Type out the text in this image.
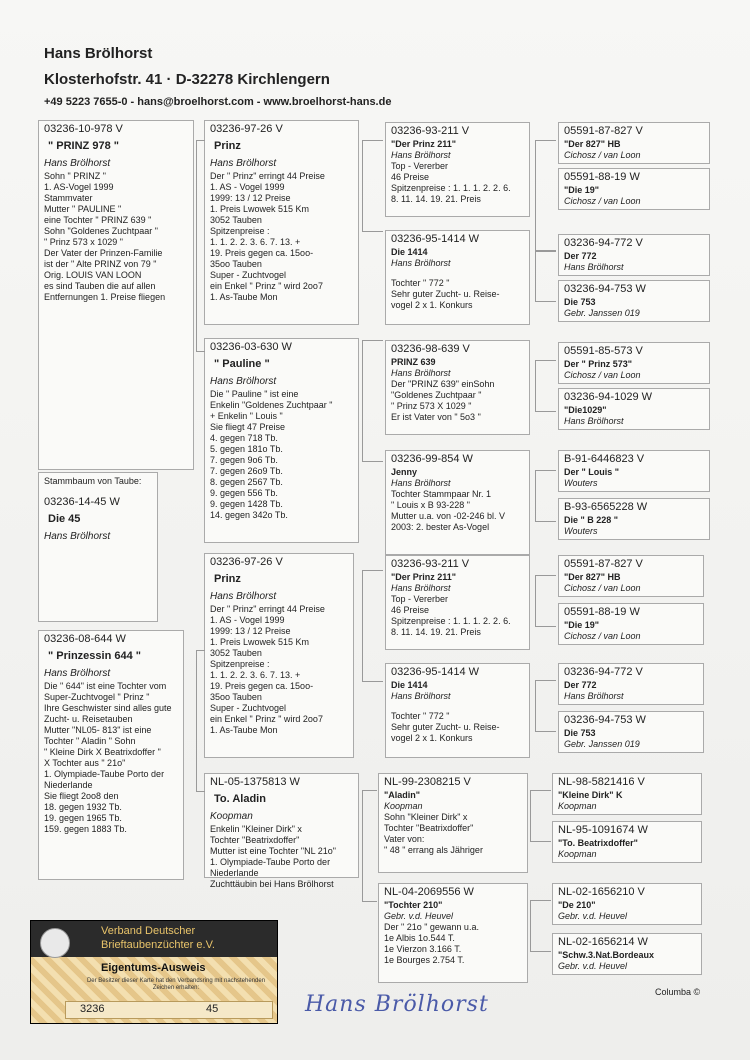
Hans Brölhorst
Klosterhofstr. 41 · D-32278 Kirchlengern
+49 5223 7655-0 - hans@broelhorst.com - www.broelhorst-hans.de
03236-10-978 V
" PRINZ 978 "
Hans Brölhorst
Sohn " PRINZ "
1. AS-Vogel 1999
Stammvater
Mutter " PAULINE "
eine Tochter " PRINZ 639 "
Sohn "Goldenes Zuchtpaar "
" Prinz 573 x 1029 "
Der Vater der Prinzen-Familie
ist der " Alte PRINZ von 79 "
Orig. LOUIS VAN LOON
es sind Tauben die auf allen
Entfernungen 1. Preise fliegen
Stammbaum von Taube:
03236-14-45 W
Die 45
Hans Brölhorst
03236-08-644 W
" Prinzessin 644 "
Hans Brölhorst
Die " 644" ist eine Tochter vom
Super-Zuchtvogel " Prinz "
Ihre Geschwister sind alles gute
Zucht- u. Reisetauben
Mutter "NL05- 813" ist eine
Tochter " Aladin " Sohn
" Kleine Dirk X Beatrixdoffer "
X Tochter aus " 21o"
1. Olympiade-Taube Porto der
Niederlande
Sie fliegt 2oo8 den
18. gegen 1932 Tb.
19. gegen 1965 Tb.
159. gegen 1883 Tb.
03236-97-26 V
Prinz
Hans Brölhorst
Der " Prinz" erringt 44 Preise
1. AS - Vogel 1999
1999: 13 / 12 Preise
1. Preis Lwowek 515 Km
3052 Tauben
Spitzenpreise :
1. 1. 2. 2. 3. 6. 7. 13. +
19. Preis gegen ca. 15oo-
35oo Tauben
Super - Zuchtvogel
ein Enkel " Prinz " wird 2oo7
1. As-Taube Mon
03236-03-630 W
" Pauline "
Hans Brölhorst
Die " Pauline " ist eine
Enkelin "Goldenes Zuchtpaar "
+ Enkelin " Louis "
Sie fliegt 47 Preise
4. gegen 718 Tb.
5. gegen 181o Tb.
7. gegen 9o6 Tb.
7. gegen 26o9 Tb.
8. gegen 2567 Tb.
9. gegen 556 Tb.
9. gegen 1428 Tb.
14. gegen 342o Tb.
03236-97-26 V
Prinz
Hans Brölhorst
Der " Prinz" erringt 44 Preise
1. AS - Vogel 1999
1999: 13 / 12 Preise
1. Preis Lwowek 515 Km
3052 Tauben
Spitzenpreise :
1. 1. 2. 2. 3. 6. 7. 13. +
19. Preis gegen ca. 15oo-
35oo Tauben
Super - Zuchtvogel
ein Enkel " Prinz " wird 2oo7
1. As-Taube Mon
NL-05-1375813 W
To. Aladin
Koopman
Enkelin "Kleiner Dirk" x
Tochter "Beatrixdoffer"
Mutter ist eine Tochter "NL 21o"
1. Olympiade-Taube Porto der
Niederlande
Zuchttäubin bei Hans Brölhorst
03236-93-211 V
"Der Prinz 211"
Hans Brölhorst
Top - Vererber
46 Preise
Spitzenpreise : 1. 1. 1. 2. 2. 6.
8. 11. 14. 19. 21. Preis
03236-95-1414 W
Die 1414
Hans Brölhorst
Tochter " 772 "
Sehr guter Zucht- u. Reise-
vogel 2 x 1. Konkurs
03236-98-639 V
PRINZ 639
Hans Brölhorst
Der "PRINZ 639" einSohn
"Goldenes Zuchtpaar "
" Prinz 573 X 1029 "
Er ist Vater von " 5o3 "
03236-99-854 W
Jenny
Hans Brölhorst
Tochter Stammpaar Nr. 1
" Louis x B 93-228 "
Mutter u.a. von -02-246 bl. V
2003: 2. bester As-Vogel
03236-93-211 V
"Der Prinz 211"
Hans Brölhorst
Top - Vererber
46 Preise
Spitzenpreise : 1. 1. 1. 2. 2. 6.
8. 11. 14. 19. 21. Preis
03236-95-1414 W
Die 1414
Hans Brölhorst
Tochter " 772 "
Sehr guter Zucht- u. Reise-
vogel 2 x 1. Konkurs
NL-99-2308215 V
"Aladin"
Koopman
Sohn "Kleiner Dirk" x
Tochter "Beatrixdoffer"
Vater von:
" 48 " errang als Jähriger
NL-04-2069556 W
"Tochter 210"
Gebr. v.d. Heuvel
Der " 21o " gewann u.a.
1e Albis 1o.544 T.
1e Vierzon 3.166 T.
1e Bourges 2.754 T.
05591-87-827 V
"Der 827" HB
Cichosz / van Loon
05591-88-19 W
"Die 19"
Cichosz / van Loon
03236-94-772 V
Der 772
Hans Brölhorst
03236-94-753 W
Die 753
Gebr. Janssen 019
05591-85-573 V
Der " Prinz 573"
Cichosz / van Loon
03236-94-1029 W
"Die1029"
Hans Brölhorst
B-91-6446823 V
Der " Louis "
Wouters
B-93-6565228 W
Die " B 228 "
Wouters
05591-87-827 V
"Der 827" HB
Cichosz / van Loon
05591-88-19 W
"Die 19"
Cichosz / van Loon
03236-94-772 V
Der 772
Hans Brölhorst
03236-94-753 W
Die 753
Gebr. Janssen 019
NL-98-5821416 V
"Kleine Dirk" K
Koopman
NL-95-1091674 W
"To. Beatrixdoffer"
Koopman
NL-02-1656210 V
"De 210"
Gebr. v.d. Heuvel
NL-02-1656214 W
"Schw.3.Nat.Bordeaux
Gebr. v.d. Heuvel
Verband Deutscher
Brieftaubenzüchter e.V.
Eigentums-Ausweis
Der Besitzer dieser Karte hat den Verbandsring mit nachstehenden Zeichen erhalten:
3236	45	Hans Brölhorst	Columba ©
